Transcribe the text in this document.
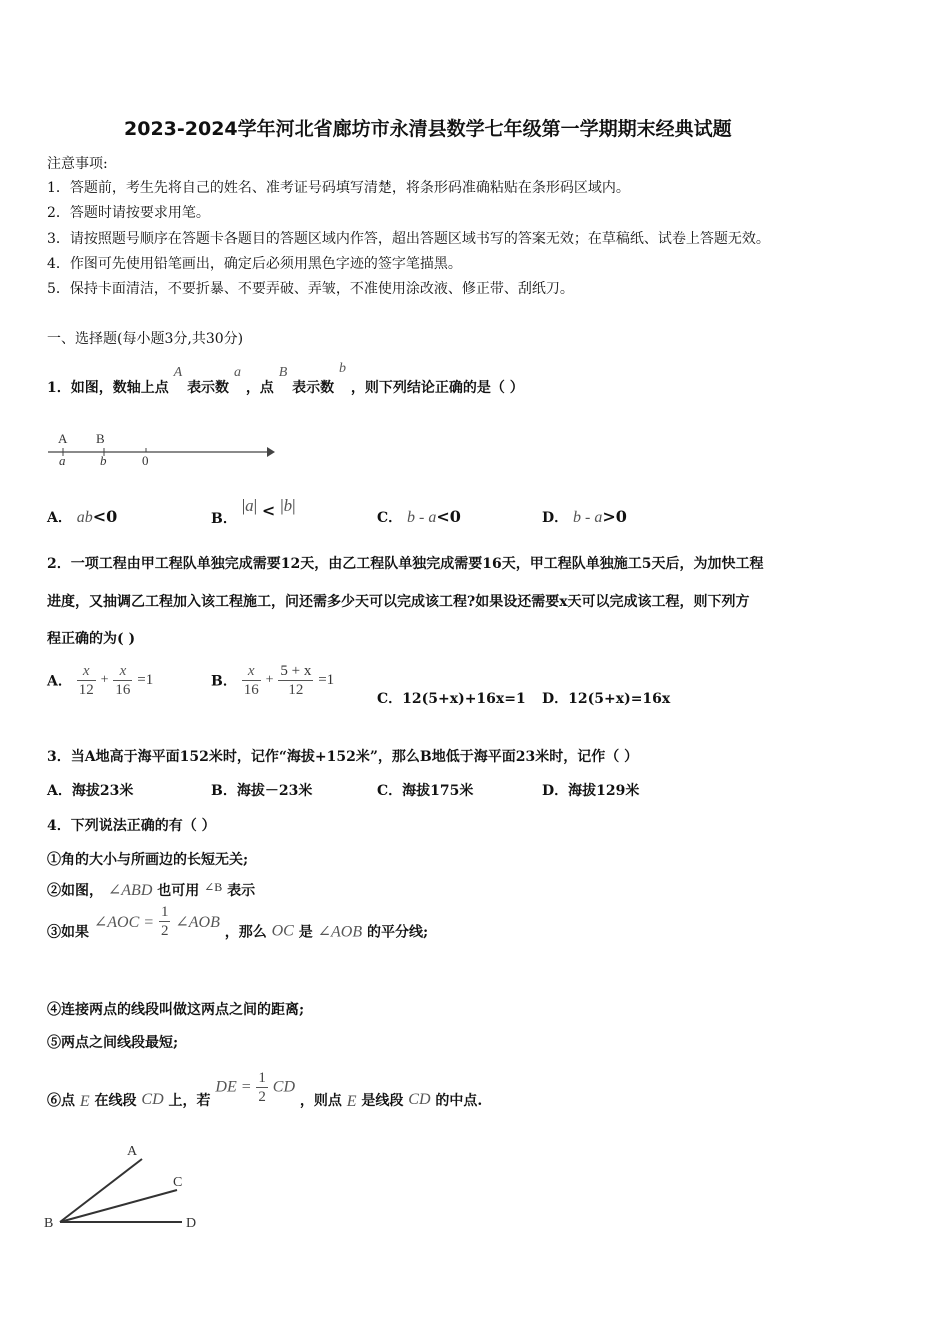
2023-2024学年河北省廊坊市永清县数学七年级第一学期期末经典试题
注意事项:
1．答题前，考生先将自己的姓名、准考证号码填写清楚，将条形码准确粘贴在条形码区域内。
2．答题时请按要求用笔。
3．请按照题号顺序在答题卡各题目的答题区域内作答，超出答题区域书写的答案无效；在草稿纸、试卷上答题无效。
4．作图可先使用铅笔画出，确定后必须用黑色字迹的签字笔描黑。
5．保持卡面清洁，不要折暴、不要弄破、弄皱，不准使用涂改液、修正带、刮纸刀。
一、选择题(每小题3分,共30分)
1．如图，数轴上点 A 表示数 a ，点 B 表示数 b ，则下列结论正确的是（ ）
A B
a	b	0
A． ab<0	B． |a| < |b|
C． b - a<0	D． b - a>0
2．一项工程由甲工程队单独完成需要12天，由乙工程队单独完成需要16天，甲工程队单独施工5天后，为加快工程
进度，又抽调乙工程加入该工程施工，问还需多少天可以完成该工程?如果设还需要x天可以完成该工程，则下列方
程正确的为( )
A． $\frac{x}{12} + \frac{x}{16} =1$	B． $\frac{x}{16} + \frac{5 + x}{12} =1$
C．12(5+x)+16x=1 D．12(5+x)=16x
3．当A地高于海平面152米时，记作“海拔+152米”，那么B地低于海平面23米时，记作（ ）
A．海拔23米	B．海拔－23米	C．海拔175米	D．海拔129米
4．下列说法正确的有（ ）
①角的大小与所画边的长短无关;
②如图， ∠ABD 也可用 ∠B 表示
③如果 ∠AOC = $\frac{1}{2}$ ∠AOB ，那么 OC 是 ∠AOB 的平分线;
④连接两点的线段叫做这两点之间的距离;
⑤两点之间线段最短;
⑥点 E 在线段 CD 上，若 DE = $\frac{1}{2}$ CD ，则点 E 是线段 CD 的中点.
A
B
C
D
